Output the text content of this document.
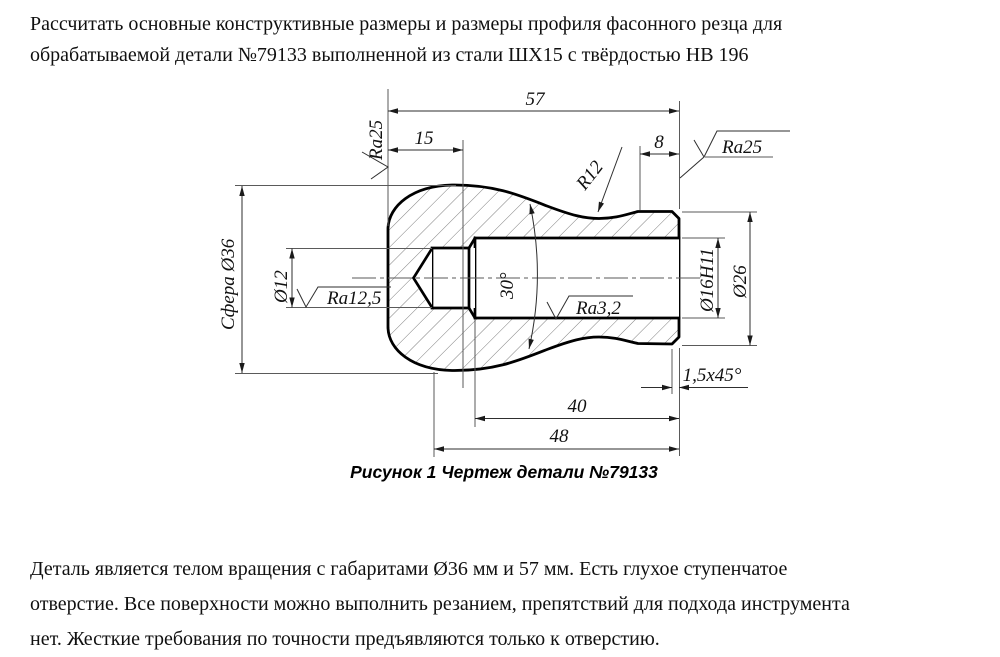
Рассчитать основные конструктивные размеры и размеры профиля фасонного резца для
обрабатываемой детали №79133 выполненной из стали ШХ15 с твёрдостью НВ 196
57
15	8
Сфера Ø36 Ø12	Ø16H11 Ø26
40
48
1,5x45°
R12
30°
Ra25	Ra25
Ra12,5	Ra3,2
Рисунок 1 Чертеж детали №79133
Деталь является телом вращения с габаритами Ø36 мм и 57 мм. Есть глухое ступенчатое
отверстие. Все поверхности можно выполнить резанием, препятствий для подхода инструмента
нет. Жесткие требования по точности предъявляются только к отверстию.
